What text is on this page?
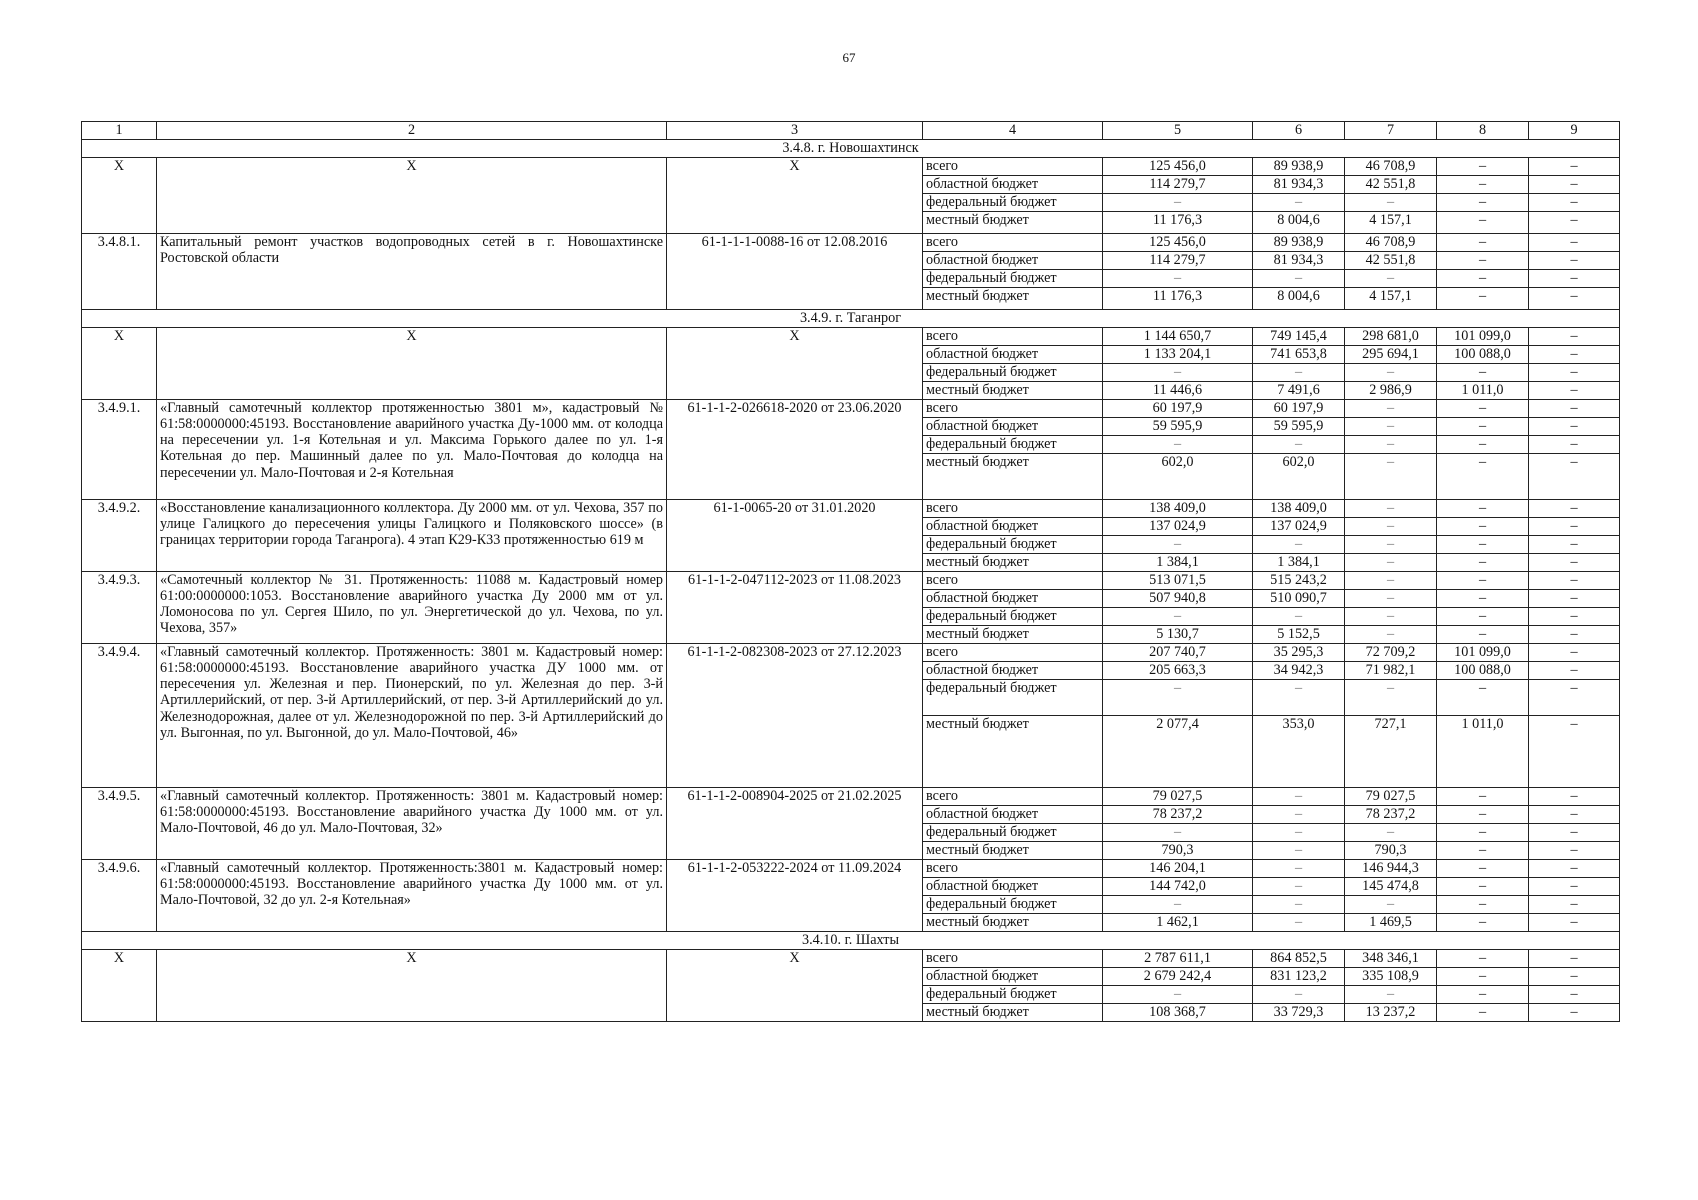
67
1	2	3	4	5	6	7	8	9
3.4.8. г. Новошахтинск								
X	X	X	всего	125 456,0	89 938,9	46 708,9	–	–
			областной бюджет	114 279,7	81 934,3	42 551,8	–	–
			федеральный бюджет	–	–	–	–	–
			местный бюджет	11 176,3	8 004,6	4 157,1	–	–
3.4.8.1.	Капитальный ремонт участков водопроводных сетей в г. Новошахтинске Ростовской области	61-1-1-1-0088-16 от 12.08.2016	всего	125 456,0	89 938,9	46 708,9	–	–
			областной бюджет	114 279,7	81 934,3	42 551,8	–	–
			федеральный бюджет	–	–	–	–	–
			местный бюджет	11 176,3	8 004,6	4 157,1	–	–
3.4.9. г. Таганрог								
X	X	X	всего	1 144 650,7	749 145,4	298 681,0	101 099,0	–
			областной бюджет	1 133 204,1	741 653,8	295 694,1	100 088,0	–
			федеральный бюджет	–	–	–	–	–
			местный бюджет	11 446,6	7 491,6	2 986,9	1 011,0	–
3.4.9.1.	«Главный самотечный коллектор протяженностью 3801 м», кадастровый № 61:58:0000000:45193. Восстановление аварийного участка Ду-1000 мм. от колодца на пересечении ул. 1-я Котельная и ул. Максима Горького далее по ул. 1-я Котельная до пер. Машинный далее по ул. Мало-Почтовая до колодца на пересечении ул. Мало-Почтовая и 2-я Котельная	61-1-1-2-026618-2020 от 23.06.2020	всего	60 197,9	60 197,9	–	–	–
			областной бюджет	59 595,9	59 595,9	–	–	–
			федеральный бюджет	–	–	–	–	–
			местный бюджет	602,0	602,0	–	–	–
3.4.9.2.	«Восстановление канализационного коллектора. Ду 2000 мм. от ул. Чехова, 357 по улице Галицкого до пересечения улицы Галицкого и Поляковского шоссе» (в границах территории города Таганрога). 4 этап К29-К33 протяженностью 619 м	61-1-0065-20 от 31.01.2020	всего	138 409,0	138 409,0	–	–	–
			областной бюджет	137 024,9	137 024,9	–	–	–
			федеральный бюджет	–	–	–	–	–
			местный бюджет	1 384,1	1 384,1	–	–	–
3.4.9.3.	«Самотечный коллектор № 31. Протяженность: 11088 м. Кадастровый номер 61:00:0000000:1053. Восстановление аварийного участка Ду 2000 мм от ул. Ломоносова по ул. Сергея Шило, по ул. Энергетической до ул. Чехова, по ул. Чехова, 357»	61-1-1-2-047112-2023 от 11.08.2023	всего	513 071,5	515 243,2	–	–	–
			областной бюджет	507 940,8	510 090,7	–	–	–
			федеральный бюджет	–	–	–	–	–
			местный бюджет	5 130,7	5 152,5	–	–	–
3.4.9.4.	«Главный самотечный коллектор. Протяженность: 3801 м. Кадастровый номер: 61:58:0000000:45193. Восстановление аварийного участка ДУ 1000 мм. от пересечения ул. Железная и пер. Пионерский, по ул. Железная до пер. 3-й Артиллерийский, от пер. 3-й Артиллерийский, от пер. 3-й Артиллерийский до ул. Железнодорожная, далее от ул. Железнодорожной по пер. 3-й Артиллерийский до ул. Выгонная, по ул. Выгонной, до ул. Мало-Почтовой, 46»	61-1-1-2-082308-2023 от 27.12.2023	всего	207 740,7	35 295,3	72 709,2	101 099,0	–
			областной бюджет	205 663,3	34 942,3	71 982,1	100 088,0	–
			федеральный бюджет	–	–	–	–	–
			местный бюджет	2 077,4	353,0	727,1	1 011,0	–
3.4.9.5.	«Главный самотечный коллектор. Протяженность: 3801 м. Кадастровый номер: 61:58:0000000:45193. Восстановление аварийного участка Ду 1000 мм. от ул. Мало-Почтовой, 46 до ул. Мало-Почтовая, 32»	61-1-1-2-008904-2025 от 21.02.2025	всего	79 027,5	–	79 027,5	–	–
			областной бюджет	78 237,2	–	78 237,2	–	–
			федеральный бюджет	–	–	–	–	–
			местный бюджет	790,3	–	790,3	–	–
3.4.9.6.	«Главный самотечный коллектор. Протяженность:3801 м. Кадастровый номер: 61:58:0000000:45193. Восстановление аварийного участка Ду 1000 мм. от ул. Мало-Почтовой, 32 до ул. 2-я Котельная»	61-1-1-2-053222-2024 от 11.09.2024	всего	146 204,1	–	146 944,3	–	–
			областной бюджет	144 742,0	–	145 474,8	–	–
			федеральный бюджет	–	–	–	–	–
			местный бюджет	1 462,1	–	1 469,5	–	–
3.4.10. г. Шахты								
X	X	X	всего	2 787 611,1	864 852,5	348 346,1	–	–
			областной бюджет	2 679 242,4	831 123,2	335 108,9	–	–
			федеральный бюджет	–	–	–	–	–
			местный бюджет	108 368,7	33 729,3	13 237,2	–	–
